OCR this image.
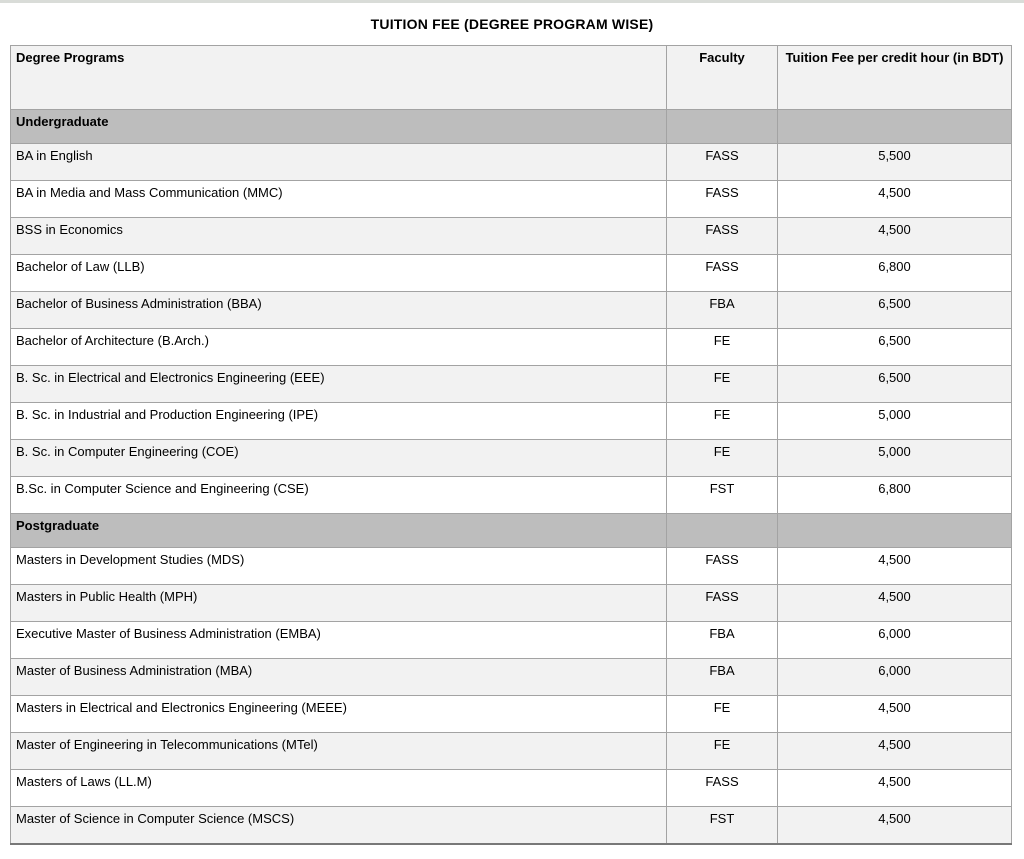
TUITION FEE (DEGREE PROGRAM WISE)
Degree Programs	Faculty	Tuition Fee per credit hour (in BDT)
Undergraduate		
BA in English	FASS	5,500
BA in Media and Mass Communication (MMC)	FASS	4,500
BSS in Economics	FASS	4,500
Bachelor of Law (LLB)	FASS	6,800
Bachelor of Business Administration (BBA)	FBA	6,500
Bachelor of Architecture (B.Arch.)	FE	6,500
B. Sc. in Electrical and Electronics Engineering (EEE)	FE	6,500
B. Sc. in Industrial and Production Engineering (IPE)	FE	5,000
B. Sc. in Computer Engineering (COE)	FE	5,000
B.Sc. in Computer Science and Engineering (CSE)	FST	6,800
Postgraduate		
Masters in Development Studies (MDS)	FASS	4,500
Masters in Public Health (MPH)	FASS	4,500
Executive Master of Business Administration (EMBA)	FBA	6,000
Master of Business Administration (MBA)	FBA	6,000
Masters in Electrical and Electronics Engineering (MEEE)	FE	4,500
Master of Engineering in Telecommunications (MTel)	FE	4,500
Masters of Laws (LL.M)	FASS	4,500
Master of Science in Computer Science (MSCS)	FST	4,500
